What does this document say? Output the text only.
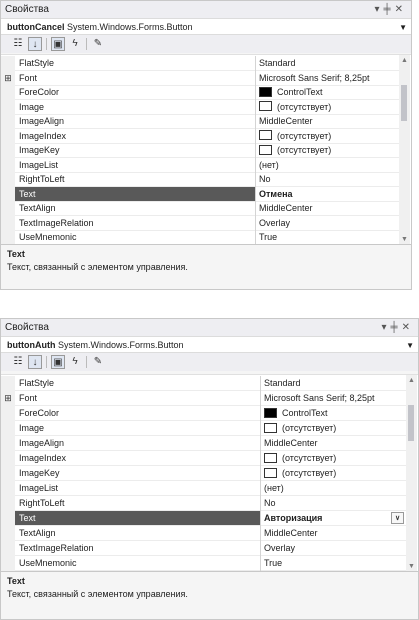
Свойства	▾╪✕
buttonCancel System.Windows.Forms.Button	▼
☷	↓	▣ ϟ	✎
▲
▼
FlatStyle	Standard
⊞ Font	Microsoft Sans Serif; 8,25pt
ForeColor	ControlText
Image	(отсутствует)
ImageAlign	MiddleCenter
ImageIndex	(отсутствует)
ImageKey	(отсутствует)
ImageList	(нет)
RightToLeft	No
Text	Отмена
TextAlign	MiddleCenter
TextImageRelation	Overlay
UseMnemonic	True
Text
Текст, связанный с элементом управления.
Свойства	▾╪✕
buttonAuth System.Windows.Forms.Button	▼
☷	↓	▣ ϟ	✎
▲
▼
FlatStyle	Standard
⊞ Font	Microsoft Sans Serif; 8,25pt
ForeColor	ControlText
Image	(отсутствует)
ImageAlign	MiddleCenter
ImageIndex	(отсутствует)
ImageKey	(отсутствует)
ImageList	(нет)
RightToLeft	No
Text	Авторизация	∨
TextAlign	MiddleCenter
TextImageRelation	Overlay
UseMnemonic	True
Text
Текст, связанный с элементом управления.
